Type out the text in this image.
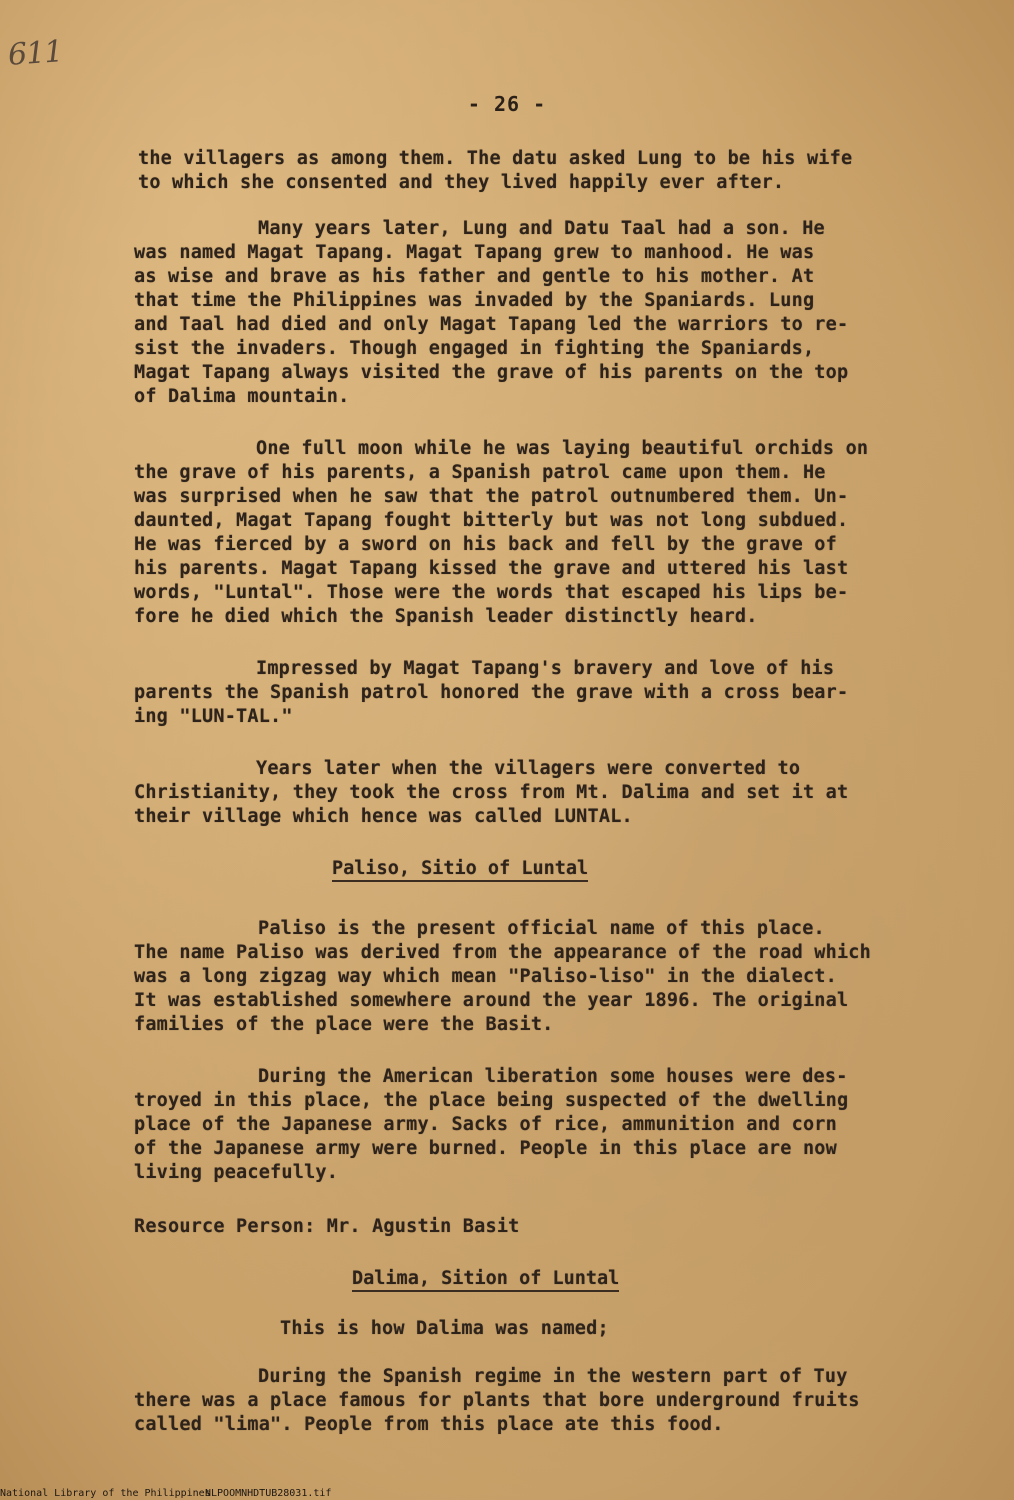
611
- 26 -
the villagers as among them. The datu asked Lung to be his wife
to which she consented and they lived happily ever after.
Many years later, Lung and Datu Taal had a son. He
was named Magat Tapang. Magat Tapang grew to manhood. He was
as wise and brave as his father and gentle to his mother. At
that time the Philippines was invaded by the Spaniards. Lung
and Taal had died and only Magat Tapang led the warriors to re-
sist the invaders. Though engaged in fighting the Spaniards,
Magat Tapang always visited the grave of his parents on the top
of Dalima mountain.
One full moon while he was laying beautiful orchids on
the grave of his parents, a Spanish patrol came upon them. He
was surprised when he saw that the patrol outnumbered them. Un-
daunted, Magat Tapang fought bitterly but was not long subdued.
He was fierced by a sword on his back and fell by the grave of
his parents. Magat Tapang kissed the grave and uttered his last
words, "Luntal". Those were the words that escaped his lips be-
fore he died which the Spanish leader distinctly heard.
Impressed by Magat Tapang's bravery and love of his
parents the Spanish patrol honored the grave with a cross bear-
ing "LUN-TAL."
Years later when the villagers were converted to
Christianity, they took the cross from Mt. Dalima and set it at
their village which hence was called LUNTAL.
Paliso, Sitio of Luntal
Paliso is the present official name of this place.
The name Paliso was derived from the appearance of the road which
was a long zigzag way which mean "Paliso-liso" in the dialect.
It was established somewhere around the year 1896. The original
families of the place were the Basit.
During the American liberation some houses were des-
troyed in this place, the place being suspected of the dwelling
place of the Japanese army. Sacks of rice, ammunition and corn
of the Japanese army were burned. People in this place are now
living peacefully.
Resource Person: Mr. Agustin Basit
Dalima, Sition of Luntal
This is how Dalima was named;
During the Spanish regime in the western part of Tuy
there was a place famous for plants that bore underground fruits
called "lima". People from this place ate this food.
National Library of the Philippines
NLPOOMNHDTUB28031.tif
